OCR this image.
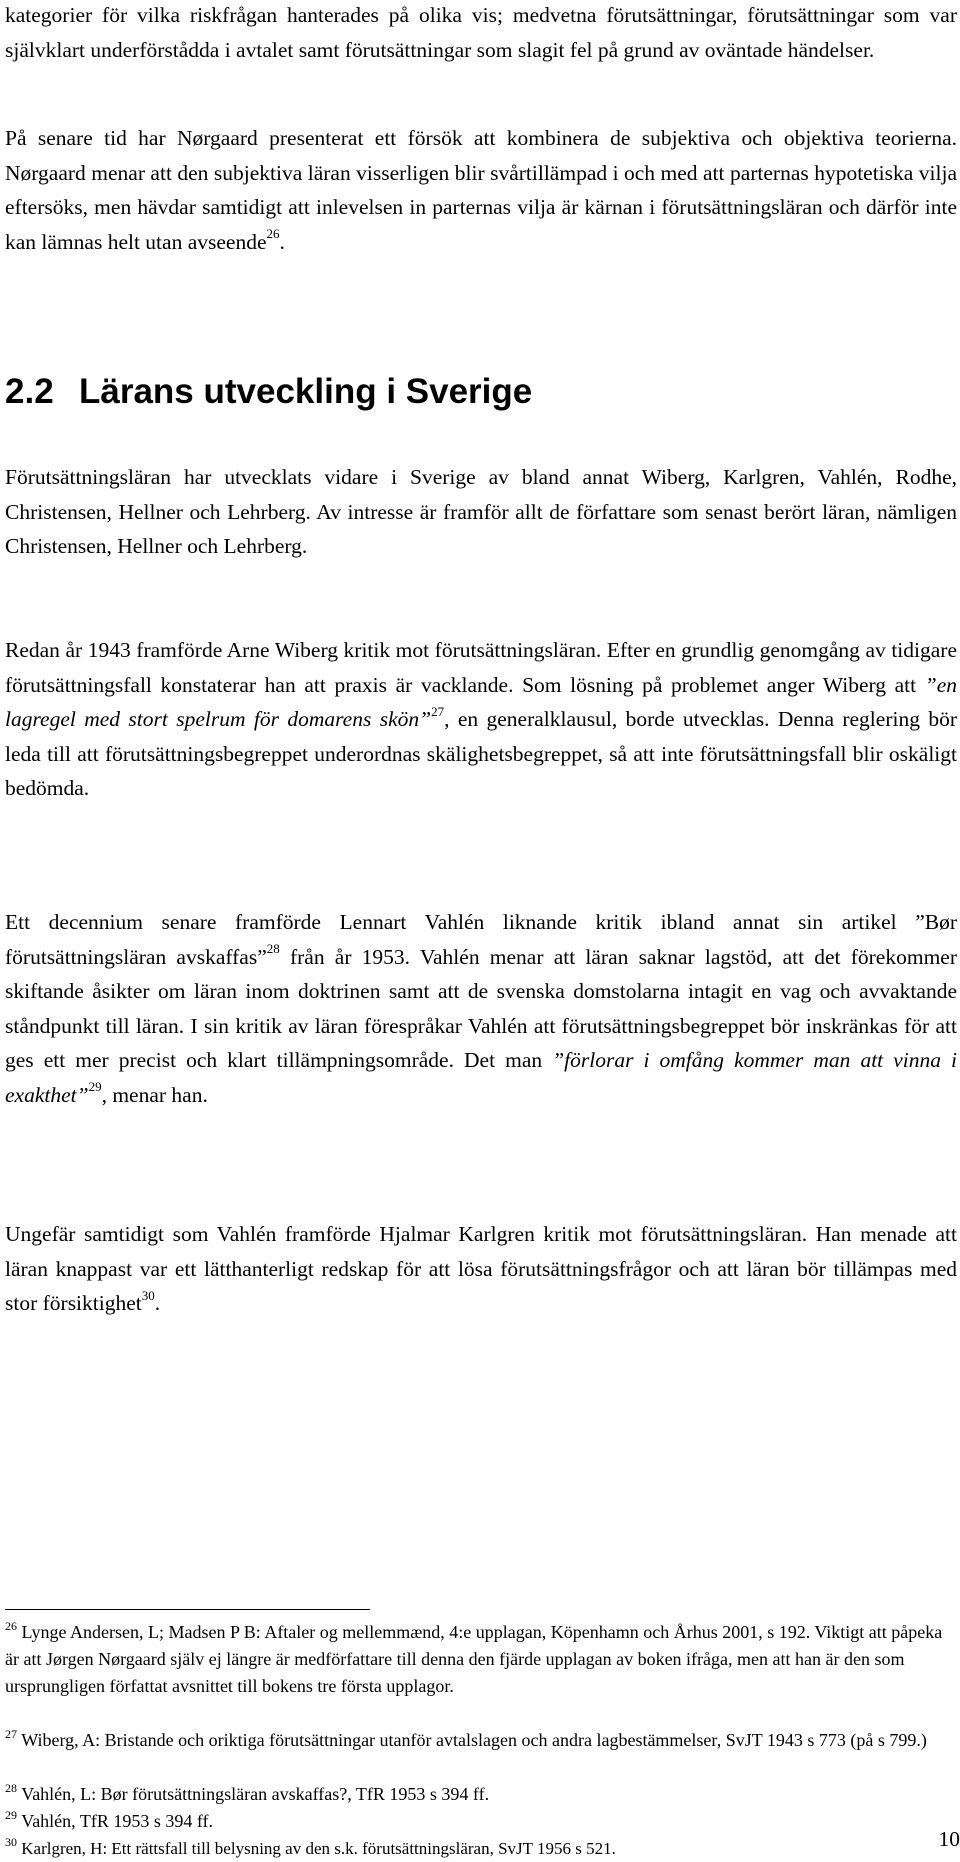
kategorier för vilka riskfrågan hanterades på olika vis; medvetna förutsättningar, förutsättningar som var självklart underförstådda i avtalet samt förutsättningar som slagit fel på grund av oväntade händelser.

På senare tid har Nørgaard presenterat ett försök att kombinera de subjektiva och objektiva teorierna. Nørgaard menar att den subjektiva läran visserligen blir svårtillämpad i och med att parternas hypotetiska vilja eftersöks, men hävdar samtidigt att inlevelsen in parternas vilja är kärnan i förutsättningsläran och därför inte kan lämnas helt utan avseende$^{26}$.

2.2 Lärans utveckling i Sverige

Förutsättningsläran har utvecklats vidare i Sverige av bland annat Wiberg, Karlgren, Vahlén, Rodhe, Christensen, Hellner och Lehrberg. Av intresse är framför allt de författare som senast berört läran, nämligen Christensen, Hellner och Lehrberg.

Redan år 1943 framförde Arne Wiberg kritik mot förutsättningsläran. Efter en grundlig genomgång av tidigare förutsättningsfall konstaterar han att praxis är vacklande. Som lösning på problemet anger Wiberg att ”en lagregel med stort spelrum för domarens skön”$^{27}$, en generalklausul, borde utvecklas. Denna reglering bör leda till att förutsättningsbegreppet underordnas skälighetsbegreppet, så att inte förutsättningsfall blir oskäligt bedömda.

Ett decennium senare framförde Lennart Vahlén liknande kritik ibland annat sin artikel ”Bør förutsättningsläran avskaffas”$^{28}$ från år 1953. Vahlén menar att läran saknar lagstöd, att det förekommer skiftande åsikter om läran inom doktrinen samt att de svenska domstolarna intagit en vag och avvaktande ståndpunkt till läran. I sin kritik av läran förespråkar Vahlén att förutsättningsbegreppet bör inskränkas för att ges ett mer precist och klart tillämpningsområde. Det man ”förlorar i omfång kommer man att vinna i exakthet”$^{29}$, menar han.

Ungefär samtidigt som Vahlén framförde Hjalmar Karlgren kritik mot förutsättningsläran. Han menade att läran knappast var ett lätthanterligt redskap för att lösa förutsättningsfrågor och att läran bör tillämpas med stor försiktighet$^{30}$.

$^{26}$ Lynge Andersen, L; Madsen P B: Aftaler og mellemmænd, 4:e upplagan, Köpenhamn och Århus 2001, s 192. Viktigt att påpeka är att Jørgen Nørgaard själv ej längre är medförfattare till denna den fjärde upplagan av boken ifråga, men att han är den som ursprungligen författat avsnittet till bokens tre första upplagor.

$^{27}$ Wiberg, A: Bristande och oriktiga förutsättningar utanför avtalslagen och andra lagbestämmelser, SvJT 1943 s 773 (på s 799.)

$^{28}$ Vahlén, L: Bør förutsättningsläran avskaffas?, TfR 1953 s 394 ff.

$^{29}$ Vahlén, TfR 1953 s 394 ff.

$^{30}$ Karlgren, H: Ett rättsfall till belysning av den s.k. förutsättningsläran, SvJT 1956 s 521.	10
